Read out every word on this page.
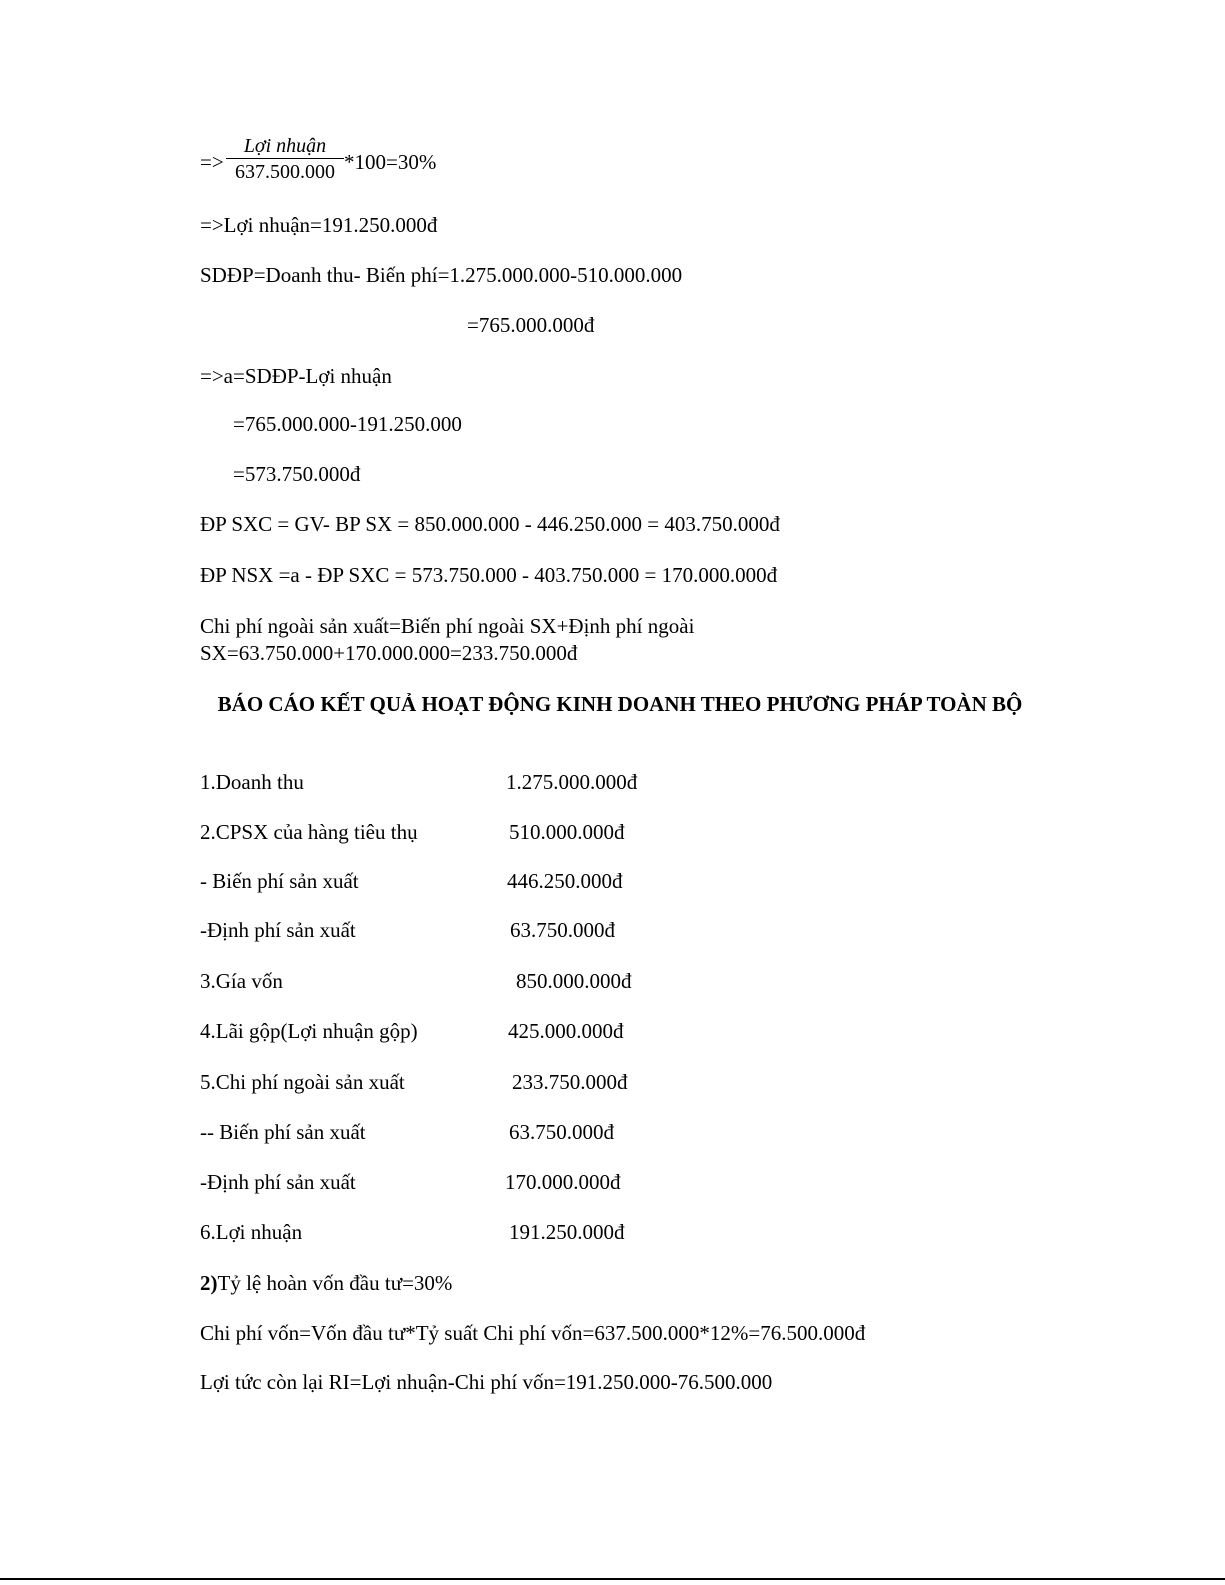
=>
Lợi nhuận
637.500.000 *100=30%
=>Lợi nhuận=191.250.000đ
SDĐP=Doanh thu- Biến phí=1.275.000.000-510.000.000
=765.000.000đ
=>a=SDĐP-Lợi nhuận
=765.000.000-191.250.000
=573.750.000đ
ĐP SXC = GV- BP SX = 850.000.000 - 446.250.000 = 403.750.000đ
ĐP NSX =a - ĐP SXC = 573.750.000 - 403.750.000 = 170.000.000đ
Chi phí ngoài sản xuất=Biến phí ngoài SX+Định phí ngoài
SX=63.750.000+170.000.000=233.750.000đ
BÁO CÁO KẾT QUẢ HOẠT ĐỘNG KINH DOANH THEO PHƯƠNG PHÁP TOÀN BỘ
1.Doanh thu	1.275.000.000đ
2.CPSX của hàng tiêu thụ	510.000.000đ
- Biến phí sản xuất	446.250.000đ
-Định phí sản xuất	63.750.000đ
3.Gía vốn	850.000.000đ
4.Lãi gộp(Lợi nhuận gộp)	425.000.000đ
5.Chi phí ngoài sản xuất	233.750.000đ
-- Biến phí sản xuất	63.750.000đ
-Định phí sản xuất	170.000.000đ
6.Lợi nhuận	191.250.000đ
2)Tỷ lệ hoàn vốn đầu tư=30%
Chi phí vốn=Vốn đầu tư*Tỷ suất Chi phí vốn=637.500.000*12%=76.500.000đ
Lợi tức còn lại RI=Lợi nhuận-Chi phí vốn=191.250.000-76.500.000
